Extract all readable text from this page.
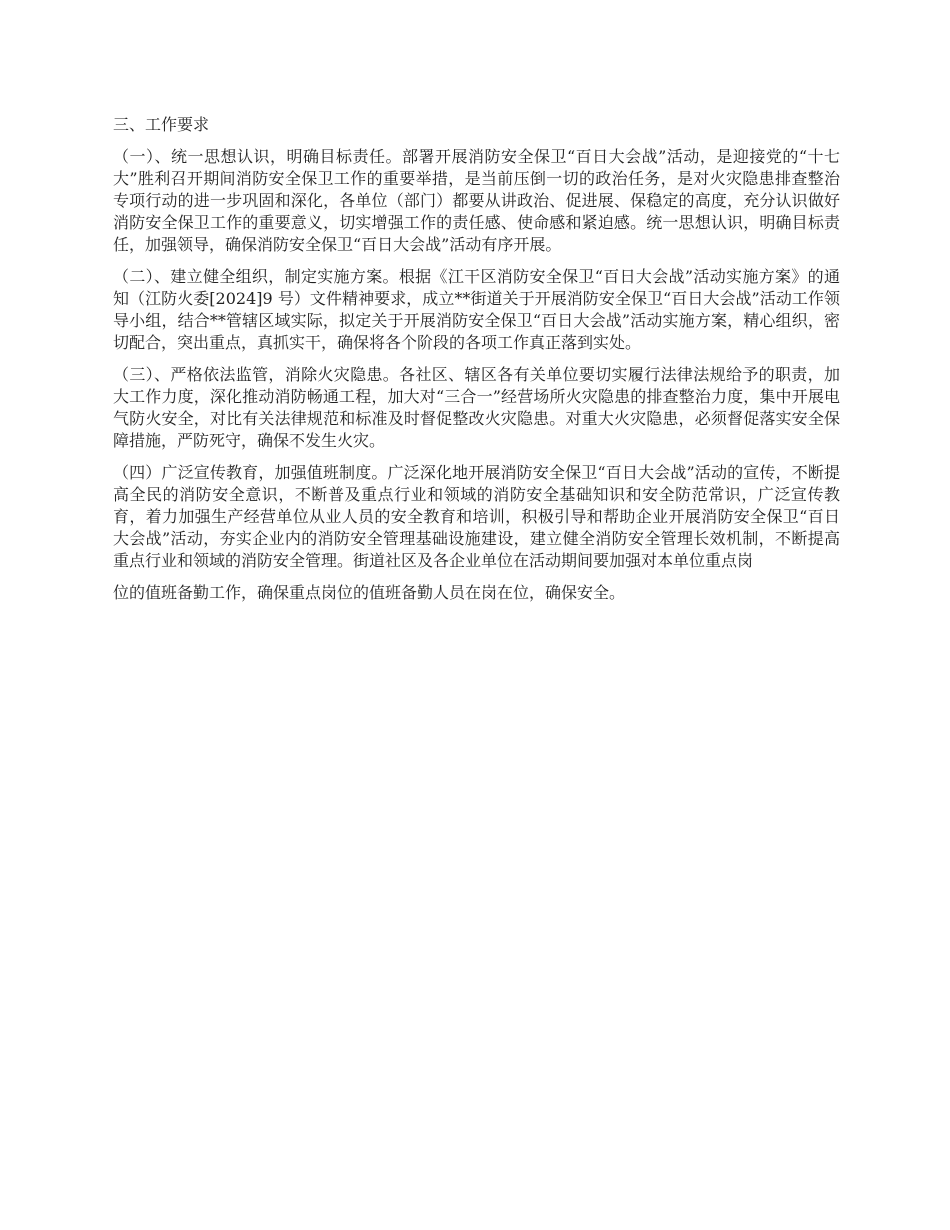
三、工作要求

（一）、统一思想认识，明确目标责任。部署开展消防安全保卫“百日大会战”活动，是迎接党的“十七大”胜利召开期间消防安全保卫工作的重要举措，是当前压倒一切的政治任务，是对火灾隐患排查整治专项行动的进一步巩固和深化，各单位（部门）都要从讲政治、促进展、保稳定的高度，充分认识做好消防安全保卫工作的重要意义，切实增强工作的责任感、使命感和紧迫感。统一思想认识，明确目标责任，加强领导，确保消防安全保卫“百日大会战”活动有序开展。

（二）、建立健全组织，制定实施方案。根据《江干区消防安全保卫“百日大会战”活动实施方案》的通知（江防火委[2024]9 号）文件精神要求，成立**街道关于开展消防安全保卫“百日大会战”活动工作领导小组，结合**管辖区域实际，拟定关于开展消防安全保卫“百日大会战”活动实施方案，精心组织，密切配合，突出重点，真抓实干，确保将各个阶段的各项工作真正落到实处。

（三）、严格依法监管，消除火灾隐患。各社区、辖区各有关单位要切实履行法律法规给予的职责，加大工作力度，深化推动消防畅通工程，加大对“三合一”经营场所火灾隐患的排查整治力度，集中开展电气防火安全，对比有关法律规范和标准及时督促整改火灾隐患。对重大火灾隐患，必须督促落实安全保障措施，严防死守，确保不发生火灾。

（四）广泛宣传教育，加强值班制度。广泛深化地开展消防安全保卫“百日大会战”活动的宣传，不断提高全民的消防安全意识，不断普及重点行业和领域的消防安全基础知识和安全防范常识，广泛宣传教育，着力加强生产经营单位从业人员的安全教育和培训，积极引导和帮助企业开展消防安全保卫“百日大会战”活动，夯实企业内的消防安全管理基础设施建设，建立健全消防安全管理长效机制，不断提高重点行业和领域的消防安全管理。街道社区及各企业单位在活动期间要加强对本单位重点岗

位的值班备勤工作，确保重点岗位的值班备勤人员在岗在位，确保安全。
